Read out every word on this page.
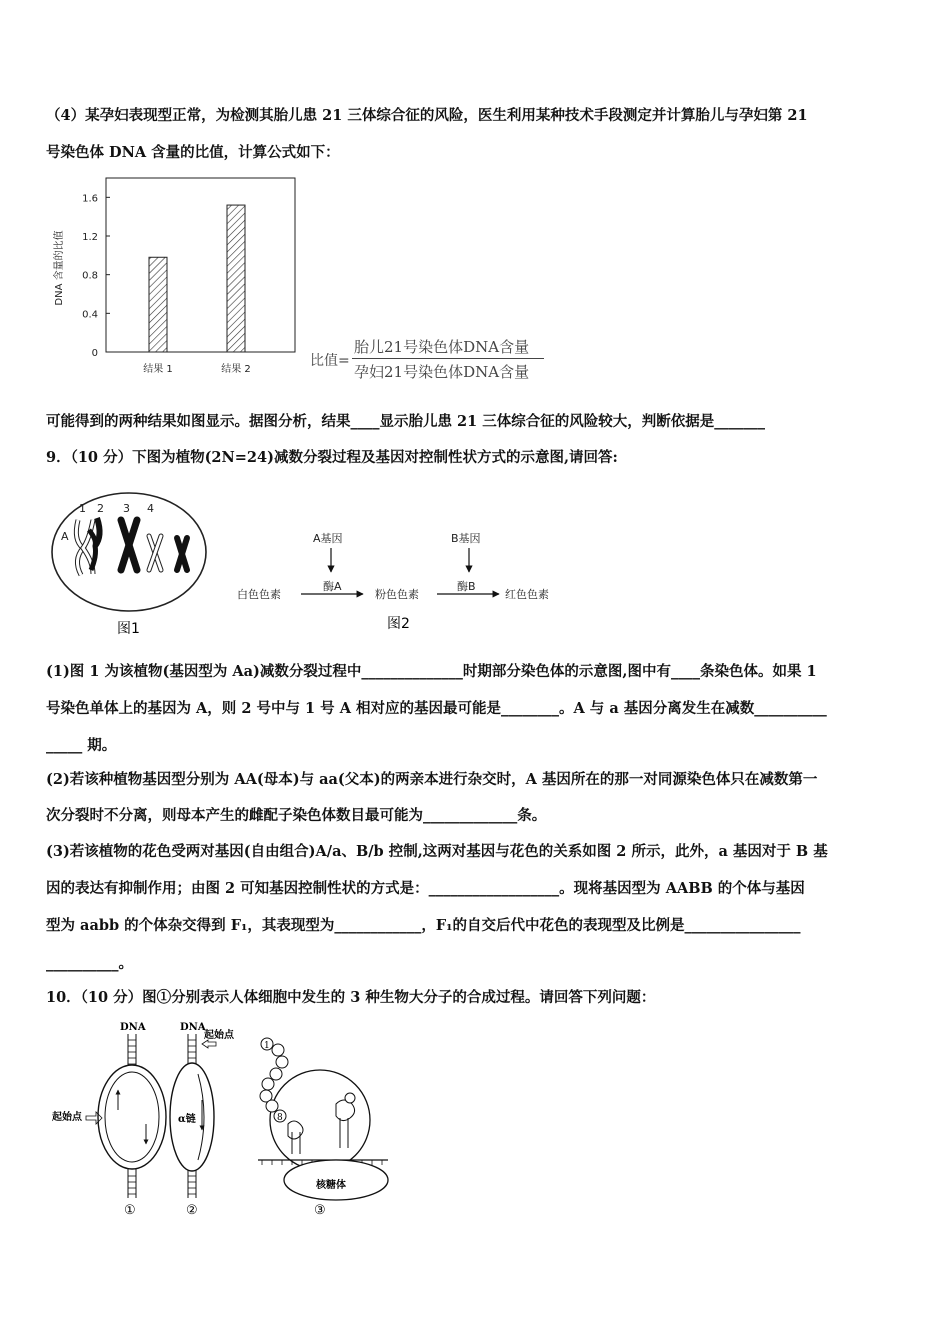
（4）某孕妇表现型正常，为检测其胎儿患 21 三体综合征的风险，医生利用某种技术手段测定并计算胎儿与孕妇第 21
号染色体 DNA 含量的比值，计算公式如下：
0
0.4
0.8
1.2
1.6
结果 1	结果 2
DNA 含量的比值
比值=
胎儿21号染色体DNA含量
孕妇21号染色体DNA含量
可能得到的两种结果如图显示。据图分析，结果____显示胎儿患 21 三体综合征的风险较大，判断依据是_______
9．（10 分）下图为植物(2N=24)减数分裂过程及基因对控制性状方式的示意图,请回答:
1 2 3 4
A
图1
A基因	B基因
酶A	酶B
白色色素	粉色色素	红色色素
图2
(1)图 1 为该植物(基因型为 Aa)减数分裂过程中______________时期部分染色体的示意图,图中有____条染色体。如果 1
号染色单体上的基因为 A，则 2 号中与 1 号 A 相对应的基因最可能是________。A 与 a 基因分离发生在减数__________
_____ 期。
(2)若该种植物基因型分别为 AA(母本)与 aa(父本)的两亲本进行杂交时，A 基因所在的那一对同源染色体只在减数第一
次分裂时不分离，则母本产生的雌配子染色体数目最可能为_____________条。
(3)若该植物的花色受两对基因(自由组合)A/a、B/b 控制,这两对基因与花色的关系如图 2 所示，此外，a 基因对于 B 基
因的表达有抑制作用；由图 2 可知基因控制性状的方式是：__________________。现将基因型为 AABB 的个体与基因
型为 aabb 的个体杂交得到 F₁，其表现型为____________，F₁的自交后代中花色的表现型及比例是________________
__________。
10．（10 分）图①分别表示人体细胞中发生的 3 种生物大分子的合成过程。请回答下列问题：
DNA
起始点
①
DNA
起始点
α链
②
1
8
核糖体
③
